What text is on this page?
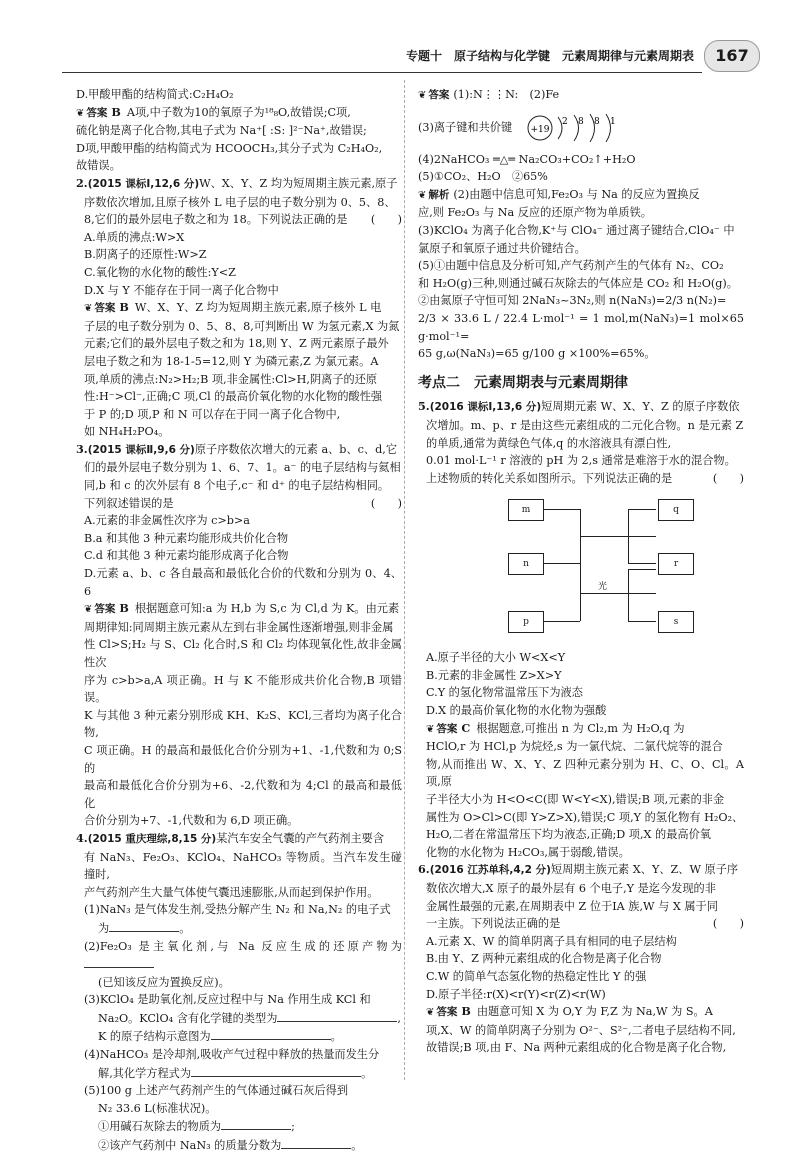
专题十　原子结构与化学键　元素周期律与元素周期表	167

D.甲酸甲酯的结构简式:C₂H₄O₂

❦ 答案 B A项,中子数为10的氧原子为¹⁸₈O,故错误;C项,

硫化钠是离子化合物,其电子式为 Na⁺[ :S: ]²⁻Na⁺,故错误;

D项,甲酸甲酯的结构简式为 HCOOCH₃,其分子式为 C₂H₄O₂,

故错误。

2.(2015 课标Ⅰ,12,6 分)W、X、Y、Z 均为短周期主族元素,原子

序数依次增加,且原子核外 L 电子层的电子数分别为 0、5、8、

8,它们的最外层电子数之和为 18。下列说法正确的是 (　　)

A.单质的沸点:W>X

B.阴离子的还原性:W>Z

C.氧化物的水化物的酸性:Y<Z

D.X 与 Y 不能存在于同一离子化合物中

❦ 答案 B W、X、Y、Z 均为短周期主族元素,原子核外 L 电

子层的电子数分别为 0、5、8、8,可判断出 W 为氢元素,X 为氮

元素;它们的最外层电子数之和为 18,则 Y、Z 两元素原子最外

层电子数之和为 18-1-5=12,则 Y 为磷元素,Z 为氯元素。A

项,单质的沸点:N₂>H₂;B 项,非金属性:Cl>H,阴离子的还原

性:H⁻>Cl⁻,正确;C 项,Cl 的最高价氧化物的水化物的酸性强

于 P 的;D 项,P 和 N 可以存在于同一离子化合物中,

如 NH₄H₂PO₄。

3.(2015 课标Ⅱ,9,6 分)原子序数依次增大的元素 a、b、c、d,它

们的最外层电子数分别为 1、6、7、1。a⁻ 的电子层结构与氦相

同,b 和 c 的次外层有 8 个电子,c⁻ 和 d⁺ 的电子层结构相同。

下列叙述错误的是	(　　)

A.元素的非金属性次序为 c>b>a

B.a 和其他 3 种元素均能形成共价化合物

C.d 和其他 3 种元素均能形成离子化合物

D.元素 a、b、c 各自最高和最低化合价的代数和分别为 0、4、6

❦ 答案 B 根据题意可知:a 为 H,b 为 S,c 为 Cl,d 为 K。由元素

周期律知:同周期主族元素从左到右非金属性逐渐增强,则非金属

性 Cl>S;H₂ 与 S、Cl₂ 化合时,S 和 Cl₂ 均体现氧化性,故非金属性次

序为 c>b>a,A 项正确。H 与 K 不能形成共价化合物,B 项错误。

K 与其他 3 种元素分别形成 KH、K₂S、KCl,三者均为离子化合物,

C 项正确。H 的最高和最低化合价分别为+1、-1,代数和为 0;S 的

最高和最低化合价分别为+6、-2,代数和为 4;Cl 的最高和最低化

合价分别为+7、-1,代数和为 6,D 项正确。

4.(2015 重庆理综,8,15 分)某汽车安全气囊的产气药剂主要含

有 NaN₃、Fe₂O₃、KClO₄、NaHCO₃ 等物质。当汽车发生碰撞时,

产气药剂产生大量气体使气囊迅速膨胀,从而起到保护作用。

(1)NaN₃ 是气体发生剂,受热分解产生 N₂ 和 Na,N₂ 的电子式

为	。

(2)Fe₂O₃ 是主氧化剂,与 Na 反应生成的还原产物为

(已知该反应为置换反应)。

(3)KClO₄ 是助氧化剂,反应过程中与 Na 作用生成 KCl 和

Na₂O。KClO₄ 含有化学键的类型为	,

K 的原子结构示意图为	。

(4)NaHCO₃ 是冷却剂,吸收产气过程中释放的热量而发生分

解,其化学方程式为	。

(5)100 g 上述产气药剂产生的气体通过碱石灰后得到

N₂ 33.6 L(标准状况)。

①用碱石灰除去的物质为	;

②该产气药剂中 NaN₃ 的质量分数为	。

❦ 答案 (1):N⋮⋮N:　(2)Fe

(3)离子键和共价键 +19
2 8 8 1

(4)2NaHCO₃ ═△═ Na₂CO₃+CO₂↑+H₂O

(5)①CO₂、H₂O　②65%

❦ 解析 (2)由题中信息可知,Fe₂O₃ 与 Na 的反应为置换反

应,则 Fe₂O₃ 与 Na 反应的还原产物为单质铁。

(3)KClO₄ 为离子化合物,K⁺与 ClO₄⁻ 通过离子键结合,ClO₄⁻ 中

氯原子和氧原子通过共价键结合。

(5)①由题中信息及分析可知,产气药剂产生的气体有 N₂、CO₂

和 H₂O(g)三种,则通过碱石灰除去的气体应是 CO₂ 和 H₂O(g)。

②由氮原子守恒可知 2NaN₃~3N₂,则 n(NaN₃)=2/3 n(N₂)=

2/3 × 33.6 L / 22.4 L·mol⁻¹ = 1 mol,m(NaN₃)=1 mol×65 g·mol⁻¹=

65 g,ω(NaN₃)=65 g/100 g ×100%=65%。

考点二　元素周期表与元素周期律

5.(2016 课标Ⅰ,13,6 分)短周期元素 W、X、Y、Z 的原子序数依

次增加。m、p、r 是由这些元素组成的二元化合物。n 是元素 Z

的单质,通常为黄绿色气体,q 的水溶液具有漂白性,

0.01 mol·L⁻¹ r 溶液的 pH 为 2,s 通常是难溶于水的混合物。

上述物质的转化关系如图所示。下列说法正确的是	(　　)

m
n
p
q
r
s
光

A.原子半径的大小 W<X<Y

B.元素的非金属性 Z>X>Y

C.Y 的氢化物常温常压下为液态

D.X 的最高价氧化物的水化物为强酸

❦ 答案 C 根据题意,可推出 n 为 Cl₂,m 为 H₂O,q 为

HClO,r 为 HCl,p 为烷烃,s 为一氯代烷、二氯代烷等的混合

物,从而推出 W、X、Y、Z 四种元素分别为 H、C、O、Cl。A 项,原

子半径大小为 H<O<C(即 W<Y<X),错误;B 项,元素的非金

属性为 O>Cl>C(即 Y>Z>X),错误;C 项,Y 的氢化物有 H₂O₂、

H₂O,二者在常温常压下均为液态,正确;D 项,X 的最高价氧

化物的水化物为 H₂CO₃,属于弱酸,错误。

6.(2016 江苏单科,4,2 分)短周期主族元素 X、Y、Z、W 原子序

数依次增大,X 原子的最外层有 6 个电子,Y 是迄今发现的非

金属性最强的元素,在周期表中 Z 位于ⅠA 族,W 与 X 属于同

一主族。下列说法正确的是	(　　)

A.元素 X、W 的简单阴离子具有相同的电子层结构

B.由 Y、Z 两种元素组成的化合物是离子化合物

C.W 的简单气态氢化物的热稳定性比 Y 的强

D.原子半径:r(X)<r(Y)<r(Z)<r(W)

❦ 答案 B 由题意可知 X 为 O,Y 为 F,Z 为 Na,W 为 S。A

项,X、W 的简单阴离子分别为 O²⁻、S²⁻,二者电子层结构不同,

故错误;B 项,由 F、Na 两种元素组成的化合物是离子化合物,
